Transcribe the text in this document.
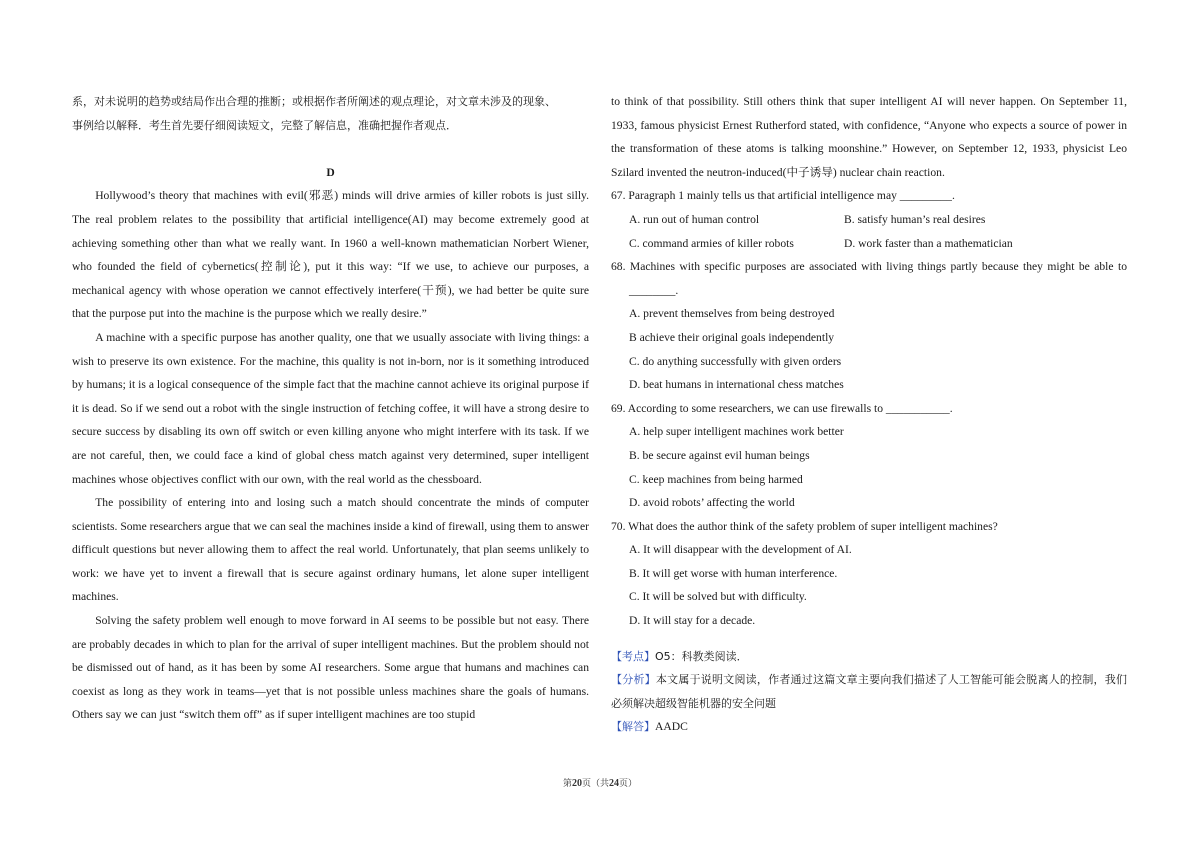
系，对未说明的趋势或结局作出合理的推断；或根据作者所阐述的观点理论，对文章未涉及的现象、

事例给以解释．考生首先要仔细阅读短文，完整了解信息，准确把握作者观点．

D

Hollywood’s theory that machines with evil(邪恶) minds will drive armies of killer robots is just silly. The real problem relates to the possibility that artificial intelligence(AI) may become extremely good at achieving something other than what we really want. In 1960 a well-known mathematician Norbert Wiener, who founded the field of cybernetics(控制论), put it this way: “If we use, to achieve our purposes, a mechanical agency with whose operation we cannot effectively interfere(干预), we had better be quite sure that the purpose put into the machine is the purpose which we really desire.”

A machine with a specific purpose has another quality, one that we usually associate with living things: a wish to preserve its own existence. For the machine, this quality is not in-born, nor is it something introduced by humans; it is a logical consequence of the simple fact that the machine cannot achieve its original purpose if it is dead. So if we send out a robot with the single instruction of fetching coffee, it will have a strong desire to secure success by disabling its own off switch or even killing anyone who might interfere with its task. If we are not careful, then, we could face a kind of global chess match against very determined, super intelligent machines whose objectives conflict with our own, with the real world as the chessboard.

The possibility of entering into and losing such a match should concentrate the minds of computer scientists. Some researchers argue that we can seal the machines inside a kind of firewall, using them to answer difficult questions but never allowing them to affect the real world. Unfortunately, that plan seems unlikely to work: we have yet to invent a firewall that is secure against ordinary humans, let alone super intelligent machines.

Solving the safety problem well enough to move forward in AI seems to be possible but not easy. There are probably decades in which to plan for the arrival of super intelligent machines. But the problem should not be dismissed out of hand, as it has been by some AI researchers. Some argue that humans and machines can coexist as long as they work in teams—yet that is not possible unless machines share the goals of humans. Others say we can just “switch them off” as if super intelligent machines are too stupid

to think of that possibility. Still others think that super intelligent AI will never happen. On September 11, 1933, famous physicist Ernest Rutherford stated, with confidence, “Anyone who expects a source of power in the transformation of these atoms is talking moonshine.” However, on September 12, 1933, physicist Leo Szilard invented the neutron-induced(中子诱导) nuclear chain reaction.

67. Paragraph 1 mainly tells us that artificial intelligence may _________.

A. run out of human control	B. satisfy human’s real desires
C. command armies of killer robots	D. work faster than a mathematician

68. Machines with specific purposes are associated with living things partly because they might be able to ________.

A. prevent themselves from being destroyed

B achieve their original goals independently

C. do anything successfully with given orders

D. beat humans in international chess matches

69. According to some researchers, we can use firewalls to ___________.

A. help super intelligent machines work better

B. be secure against evil human beings

C. keep machines from being harmed

D. avoid robots’ affecting the world

70. What does the author think of the safety problem of super intelligent machines?

A. It will disappear with the development of AI.

B. It will get worse with human interference.

C. It will be solved but with difficulty.

D. It will stay for a decade.

【考点】O5：科教类阅读．

【分析】本文属于说明文阅读，作者通过这篇文章主要向我们描述了人工智能可能会脱离人的控制，我们必须解决超级智能机器的安全问题

【解答】AADC

第20页（共24页）
